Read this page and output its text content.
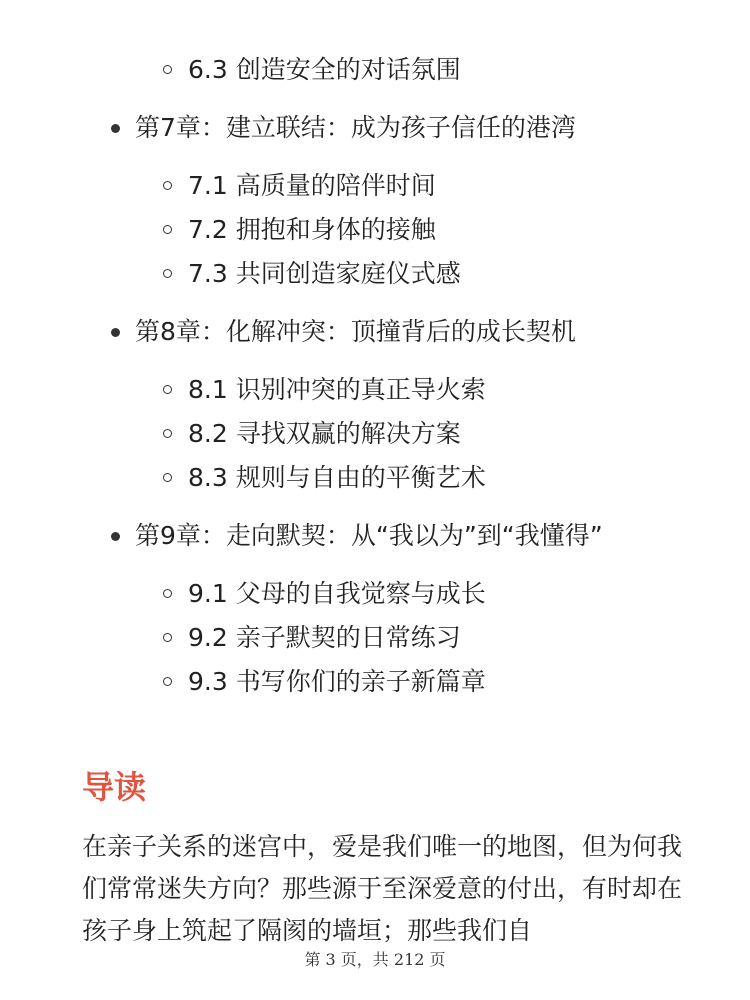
6.3 创造安全的对话氛围
第7章：建立联结：成为孩子信任的港湾
7.1 高质量的陪伴时间
7.2 拥抱和身体的接触
7.3 共同创造家庭仪式感
第8章：化解冲突：顶撞背后的成长契机
8.1 识别冲突的真正导火索
8.2 寻找双赢的解决方案
8.3 规则与自由的平衡艺术
第9章：走向默契：从“我以为”到“我懂得”
9.1 父母的自我觉察与成长
9.2 亲子默契的日常练习
9.3 书写你们的亲子新篇章
导读
在亲子关系的迷宫中，爱是我们唯一的地图，但为何我们常常迷失方向？那些源于至深爱意的付出，有时却在孩子身上筑起了隔阂的墙垣；那些我们自
第 3 页，共 212 页
